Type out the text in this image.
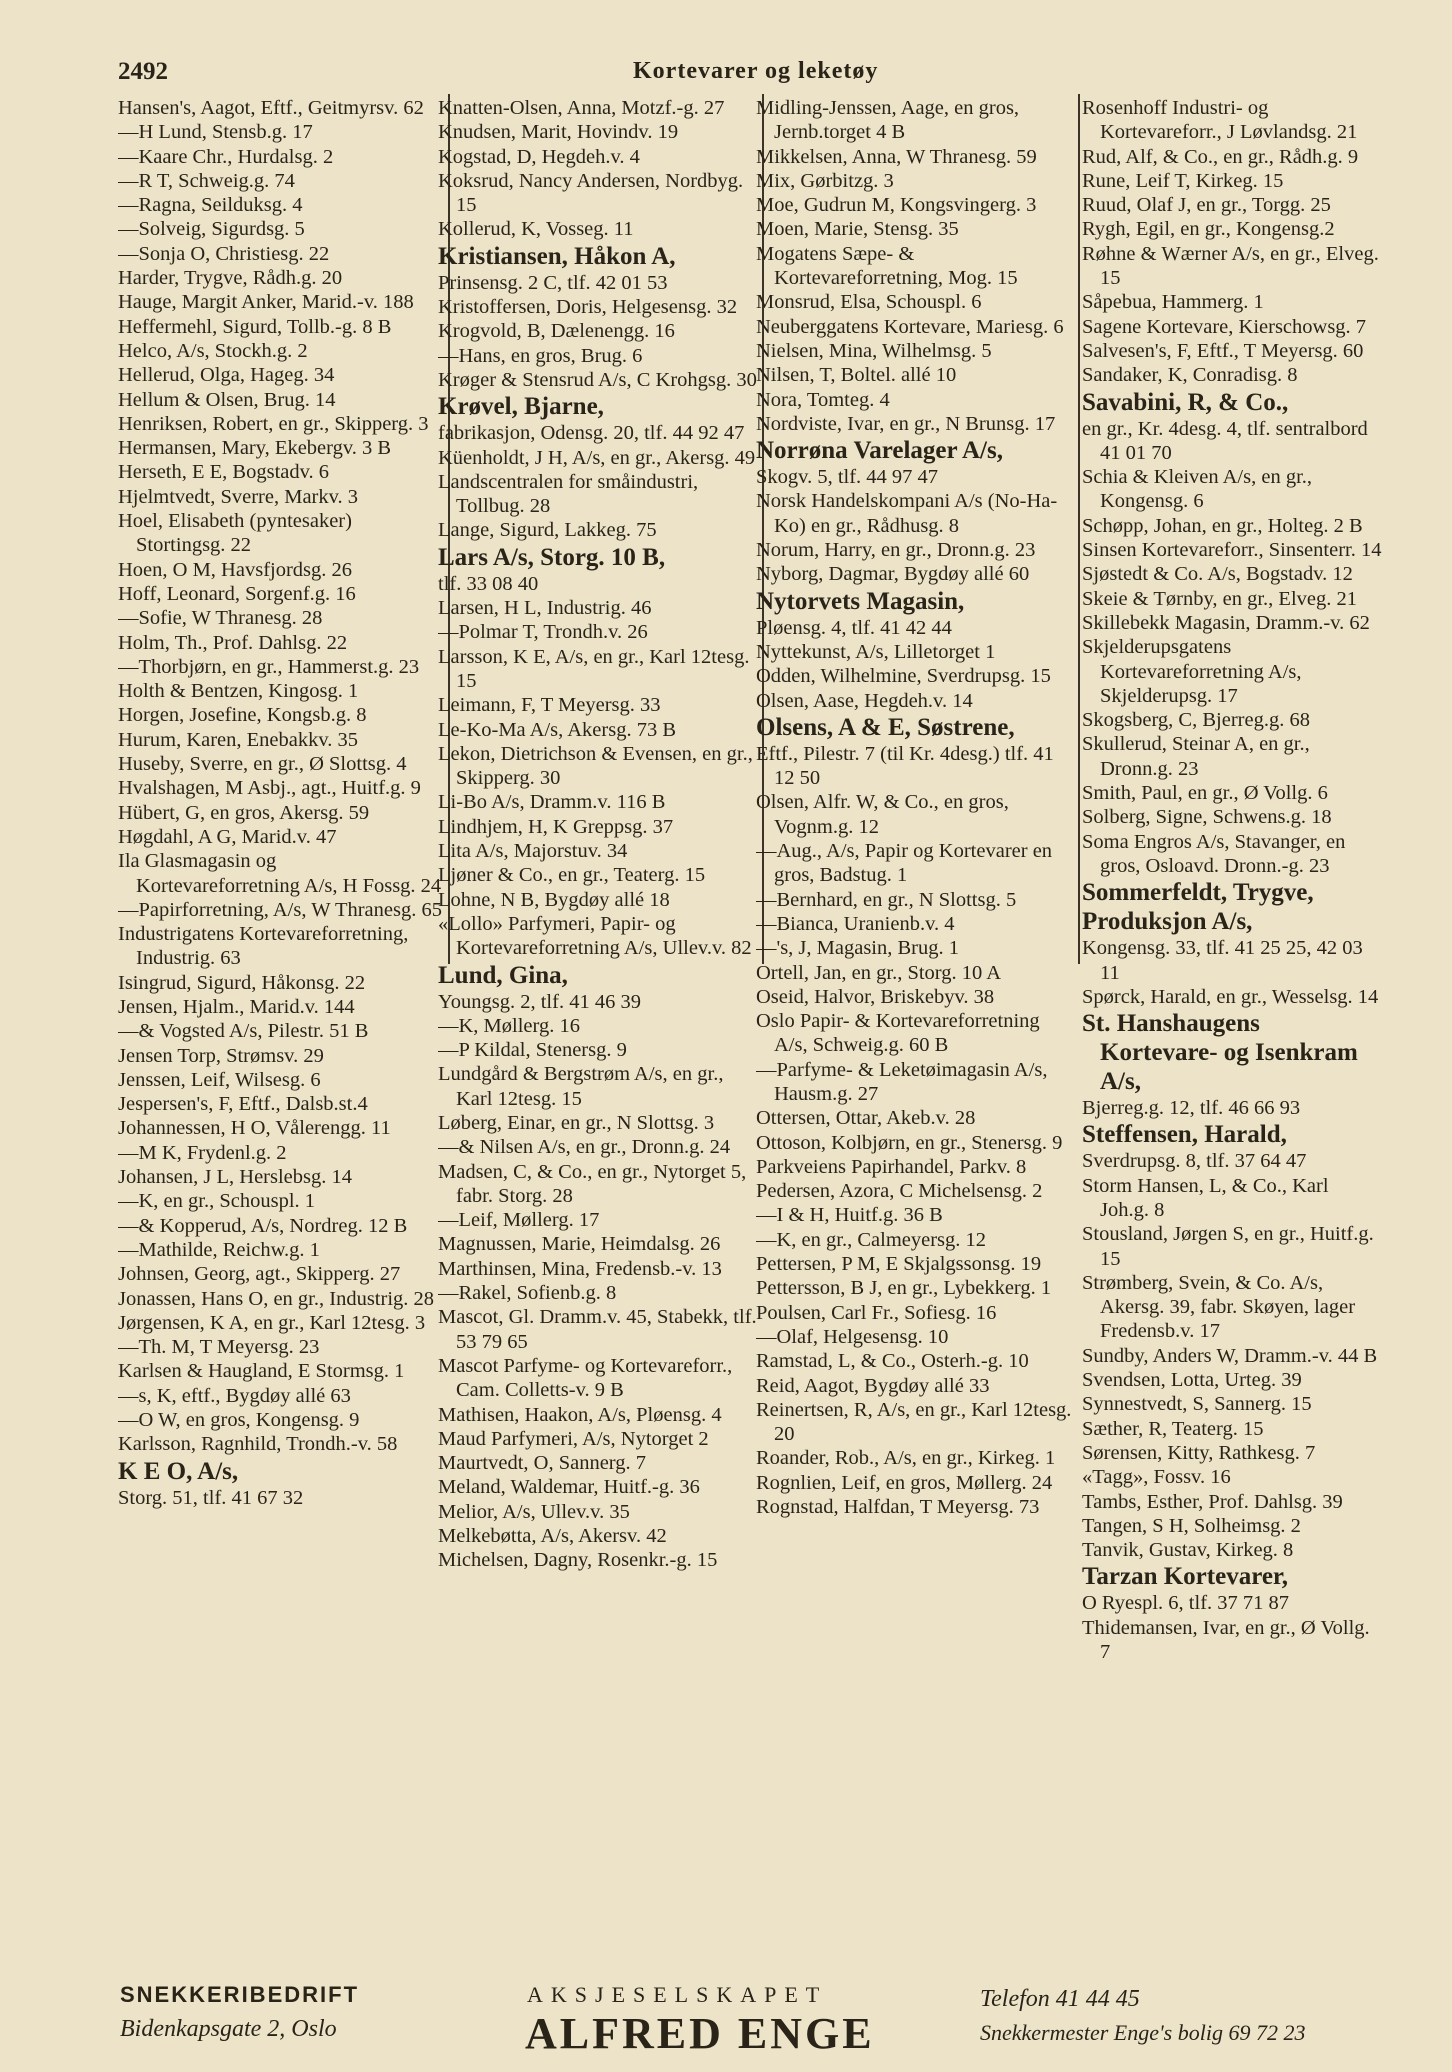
2492	Kortevarer og leketøy
Hansen's, Aagot, Eftf., Geitmyrsv. 62
—H Lund, Stensb.g. 17
—Kaare Chr., Hurdalsg. 2
—R T, Schweig.g. 74
—Ragna, Seilduksg. 4
—Solveig, Sigurdsg. 5
—Sonja O, Christiesg. 22
Harder, Trygve, Rådh.g. 20
Hauge, Margit Anker, Marid.-v. 188
Heffermehl, Sigurd, Tollb.-g. 8 B
Helco, A/s, Stockh.g. 2
Hellerud, Olga, Hageg. 34
Hellum & Olsen, Brug. 14
Henriksen, Robert, en gr., Skipperg. 3
Hermansen, Mary, Ekebergv. 3 B
Herseth, E E, Bogstadv. 6
Hjelmtvedt, Sverre, Markv. 3
Hoel, Elisabeth (pyntesaker) Stortingsg. 22
Hoen, O M, Havsfjordsg. 26
Hoff, Leonard, Sorgenf.g. 16
—Sofie, W Thranesg. 28
Holm, Th., Prof. Dahlsg. 22
—Thorbjørn, en gr., Hammerst.g. 23
Holth & Bentzen, Kingosg. 1
Horgen, Josefine, Kongsb.g. 8
Hurum, Karen, Enebakkv. 35
Huseby, Sverre, en gr., Ø Slottsg. 4
Hvalshagen, M Asbj., agt., Huitf.g. 9
Hübert, G, en gros, Akersg. 59
Høgdahl, A G, Marid.v. 47
Ila Glasmagasin og Kortevareforretning A/s, H Fossg. 24
—Papirforretning, A/s, W Thranesg. 65
Industrigatens Kortevareforretning, Industrig. 63
Isingrud, Sigurd, Håkonsg. 22
Jensen, Hjalm., Marid.v. 144
—& Vogsted A/s, Pilestr. 51 B
Jensen Torp, Strømsv. 29
Jenssen, Leif, Wilsesg. 6
Jespersen's, F, Eftf., Dalsb.st.4
Johannessen, H O, Vålerengg. 11
—M K, Frydenl.g. 2
Johansen, J L, Herslebsg. 14
—K, en gr., Schouspl. 1
—& Kopperud, A/s, Nordreg. 12 B
—Mathilde, Reichw.g. 1
Johnsen, Georg, agt., Skipperg. 27
Jonassen, Hans O, en gr., Industrig. 28
Jørgensen, K A, en gr., Karl 12tesg. 3
—Th. M, T Meyersg. 23
Karlsen & Haugland, E Stormsg. 1
—s, K, eftf., Bygdøy allé 63
—O W, en gros, Kongensg. 9
Karlsson, Ragnhild, Trondh.-v. 58
K E O, A/s,
Storg. 51, tlf. 41 67 32
Knatten-Olsen, Anna, Motzf.-g. 27
Knudsen, Marit, Hovindv. 19
Kogstad, D, Hegdeh.v. 4
Koksrud, Nancy Andersen, Nordbyg. 15
Kollerud, K, Vosseg. 11
Kristiansen, Håkon A,
Prinsensg. 2 C, tlf. 42 01 53
Kristoffersen, Doris, Helgesensg. 32
Krogvold, B, Dælenengg. 16
—Hans, en gros, Brug. 6
Krøger & Stensrud A/s, C Krohgsg. 30
Krøvel, Bjarne,
fabrikasjon, Odensg. 20, tlf. 44 92 47
Küenholdt, J H, A/s, en gr., Akersg. 49
Landscentralen for småindustri, Tollbug. 28
Lange, Sigurd, Lakkeg. 75
Lars A/s, Storg. 10 B,
tlf. 33 08 40
Larsen, H L, Industrig. 46
—Polmar T, Trondh.v. 26
Larsson, K E, A/s, en gr., Karl 12tesg. 15
Leimann, F, T Meyersg. 33
Le-Ko-Ma A/s, Akersg. 73 B
Lekon, Dietrichson & Evensen, en gr., Skipperg. 30
Li-Bo A/s, Dramm.v. 116 B
Lindhjem, H, K Greppsg. 37
Lita A/s, Majorstuv. 34
Ljøner & Co., en gr., Teaterg. 15
Lohne, N B, Bygdøy allé 18
«Lollo» Parfymeri, Papir- og Kortevareforretning A/s, Ullev.v. 82
Lund, Gina,
Youngsg. 2, tlf. 41 46 39
—K, Møllerg. 16
—P Kildal, Stenersg. 9
Lundgård & Bergstrøm A/s, en gr., Karl 12tesg. 15
Løberg, Einar, en gr., N Slottsg. 3
—& Nilsen A/s, en gr., Dronn.g. 24
Madsen, C, & Co., en gr., Nytorget 5, fabr. Storg. 28
—Leif, Møllerg. 17
Magnussen, Marie, Heimdalsg. 26
Marthinsen, Mina, Fredensb.-v. 13
—Rakel, Sofienb.g. 8
Mascot, Gl. Dramm.v. 45, Stabekk, tlf. 53 79 65
Mascot Parfyme- og Kortevareforr., Cam. Colletts-v. 9 B
Mathisen, Haakon, A/s, Pløensg. 4
Maud Parfymeri, A/s, Nytorget 2
Maurtvedt, O, Sannerg. 7
Meland, Waldemar, Huitf.-g. 36
Melior, A/s, Ullev.v. 35
Melkebøtta, A/s, Akersv. 42
Michelsen, Dagny, Rosenkr.-g. 15
Midling-Jenssen, Aage, en gros, Jernb.torget 4 B
Mikkelsen, Anna, W Thranesg. 59
Mix, Gørbitzg. 3
Moe, Gudrun M, Kongsvingerg. 3
Moen, Marie, Stensg. 35
Mogatens Sæpe- & Kortevareforretning, Mog. 15
Monsrud, Elsa, Schouspl. 6
Neuberggatens Kortevare, Mariesg. 6
Nielsen, Mina, Wilhelmsg. 5
Nilsen, T, Boltel. allé 10
Nora, Tomteg. 4
Nordviste, Ivar, en gr., N Brunsg. 17
Norrøna Varelager A/s,
Skogv. 5, tlf. 44 97 47
Norsk Handelskompani A/s (No-Ha-Ko) en gr., Rådhusg. 8
Norum, Harry, en gr., Dronn.g. 23
Nyborg, Dagmar, Bygdøy allé 60
Nytorvets Magasin,
Pløensg. 4, tlf. 41 42 44
Nyttekunst, A/s, Lilletorget 1
Odden, Wilhelmine, Sverdrupsg. 15
Olsen, Aase, Hegdeh.v. 14
Olsens, A & E, Søstrene,
Eftf., Pilestr. 7 (til Kr. 4desg.) tlf. 41 12 50
Olsen, Alfr. W, & Co., en gros, Vognm.g. 12
—Aug., A/s, Papir og Kortevarer en gros, Badstug. 1
—Bernhard, en gr., N Slottsg. 5
—Bianca, Uranienb.v. 4
—'s, J, Magasin, Brug. 1
Ortell, Jan, en gr., Storg. 10 A
Oseid, Halvor, Briskebyv. 38
Oslo Papir- & Kortevareforretning A/s, Schweig.g. 60 B
—Parfyme- & Leketøimagasin A/s, Hausm.g. 27
Ottersen, Ottar, Akeb.v. 28
Ottoson, Kolbjørn, en gr., Stenersg. 9
Parkveiens Papirhandel, Parkv. 8
Pedersen, Azora, C Michelsensg. 2
—I & H, Huitf.g. 36 B
—K, en gr., Calmeyersg. 12
Pettersen, P M, E Skjalgssonsg. 19
Pettersson, B J, en gr., Lybekkerg. 1
Poulsen, Carl Fr., Sofiesg. 16
—Olaf, Helgesensg. 10
Ramstad, L, & Co., Osterh.-g. 10
Reid, Aagot, Bygdøy allé 33
Reinertsen, R, A/s, en gr., Karl 12tesg. 20
Roander, Rob., A/s, en gr., Kirkeg. 1
Rognlien, Leif, en gros, Møllerg. 24
Rognstad, Halfdan, T Meyersg. 73
Rosenhoff Industri- og Kortevareforr., J Løvlandsg. 21
Rud, Alf, & Co., en gr., Rådh.g. 9
Rune, Leif T, Kirkeg. 15
Ruud, Olaf J, en gr., Torgg. 25
Rygh, Egil, en gr., Kongensg.2
Røhne & Wærner A/s, en gr., Elveg. 15
Såpebua, Hammerg. 1
Sagene Kortevare, Kierschowsg. 7
Salvesen's, F, Eftf., T Meyersg. 60
Sandaker, K, Conradisg. 8
Savabini, R, & Co.,
en gr., Kr. 4desg. 4, tlf. sentralbord 41 01 70
Schia & Kleiven A/s, en gr., Kongensg. 6
Schøpp, Johan, en gr., Holteg. 2 B
Sinsen Kortevareforr., Sinsenterr. 14
Sjøstedt & Co. A/s, Bogstadv. 12
Skeie & Tørnby, en gr., Elveg. 21
Skillebekk Magasin, Dramm.-v. 62
Skjelderupsgatens Kortevareforretning A/s, Skjelderupsg. 17
Skogsberg, C, Bjerreg.g. 68
Skullerud, Steinar A, en gr., Dronn.g. 23
Smith, Paul, en gr., Ø Vollg. 6
Solberg, Signe, Schwens.g. 18
Soma Engros A/s, Stavanger, en gros, Osloavd. Dronn.-g. 23
Sommerfeldt, Trygve,
Produksjon A/s,
Kongensg. 33, tlf. 41 25 25, 42 03 11
Spørck, Harald, en gr., Wesselsg. 14
St. Hanshaugens Kortevare- og Isenkram A/s,
Bjerreg.g. 12, tlf. 46 66 93
Steffensen, Harald,
Sverdrupsg. 8, tlf. 37 64 47
Storm Hansen, L, & Co., Karl Joh.g. 8
Stousland, Jørgen S, en gr., Huitf.g. 15
Strømberg, Svein, & Co. A/s, Akersg. 39, fabr. Skøyen, lager Fredensb.v. 17
Sundby, Anders W, Dramm.-v. 44 B
Svendsen, Lotta, Urteg. 39
Synnestvedt, S, Sannerg. 15
Sæther, R, Teaterg. 15
Sørensen, Kitty, Rathkesg. 7
«Tagg», Fossv. 16
Tambs, Esther, Prof. Dahlsg. 39
Tangen, S H, Solheimsg. 2
Tanvik, Gustav, Kirkeg. 8
Tarzan Kortevarer,
O Ryespl. 6, tlf. 37 71 87
Thidemansen, Ivar, en gr., Ø Vollg. 7
SNEKKERIBEDRIFT
Bidenkapsgate 2, Oslo
AKSJESELSKAPET
ALFRED ENGE
Telefon 41 44 45
Snekkermester Enge's bolig 69 72 23
